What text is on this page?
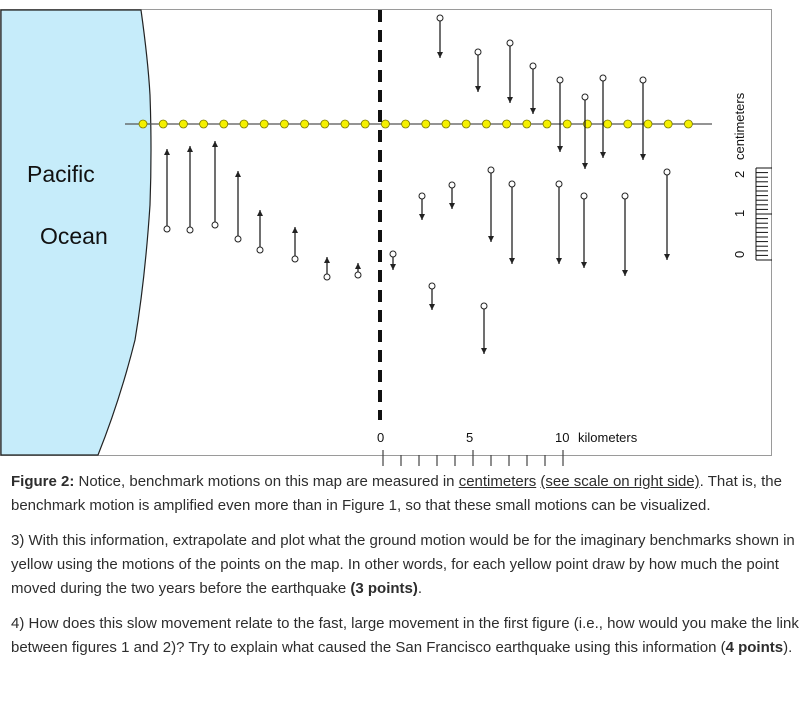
Pacific
Ocean
0
1
2
centimeters
0	5	10 kilometers

Figure 2: Notice, benchmark motions on this map are measured in centimeters (see scale on right side). That is, the benchmark motion is amplified even more than in Figure 1, so that these small motions can be visualized.

3) With this information, extrapolate and plot what the ground motion would be for the imaginary benchmarks shown in yellow using the motions of the points on the map. In other words, for each yellow point draw by how much the point moved during the two years before the earthquake (3 points).

4) How does this slow movement relate to the fast, large movement in the first figure (i.e., how would you make the link between figures 1 and 2)? Try to explain what caused the San Francisco earthquake using this information (4 points).
